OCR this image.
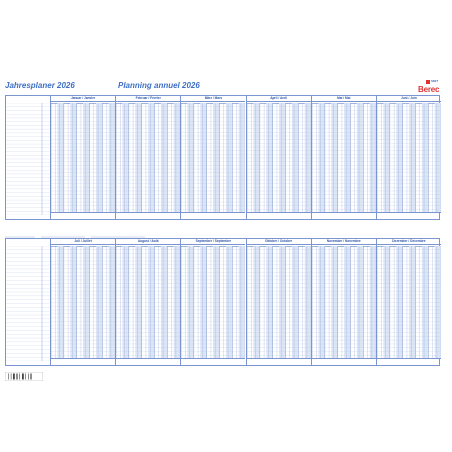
Jahresplaner 2026	Planning annuel 2026	SMIT
Berec
Januar / Janvier	Februar / Février	März / Mars	April / Avril	Mai / Mai	Juni / Juin
Juli / Juillet	August / Août	September / Septembre	Oktober / Octobre	November / Novembre	Dezember / Décembre
